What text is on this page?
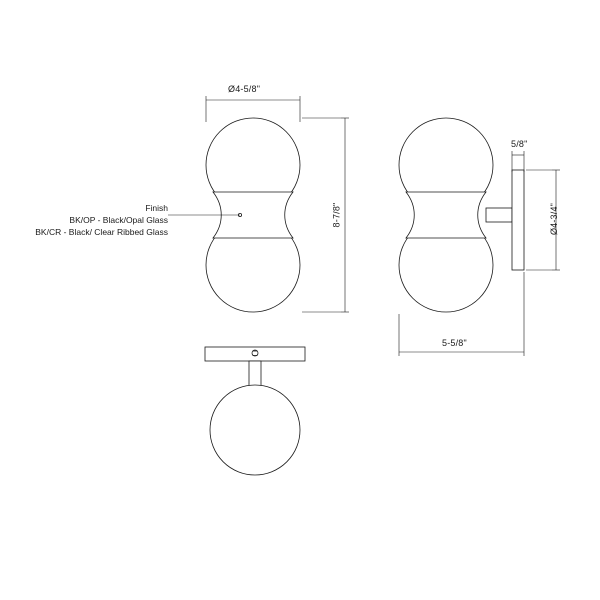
Ø4-5/8"
8-7/8"
5/8"
Ø4-3/4"
5-5/8"
Finish
BK/OP - Black/Opal Glass
BK/CR - Black/ Clear Ribbed Glass
